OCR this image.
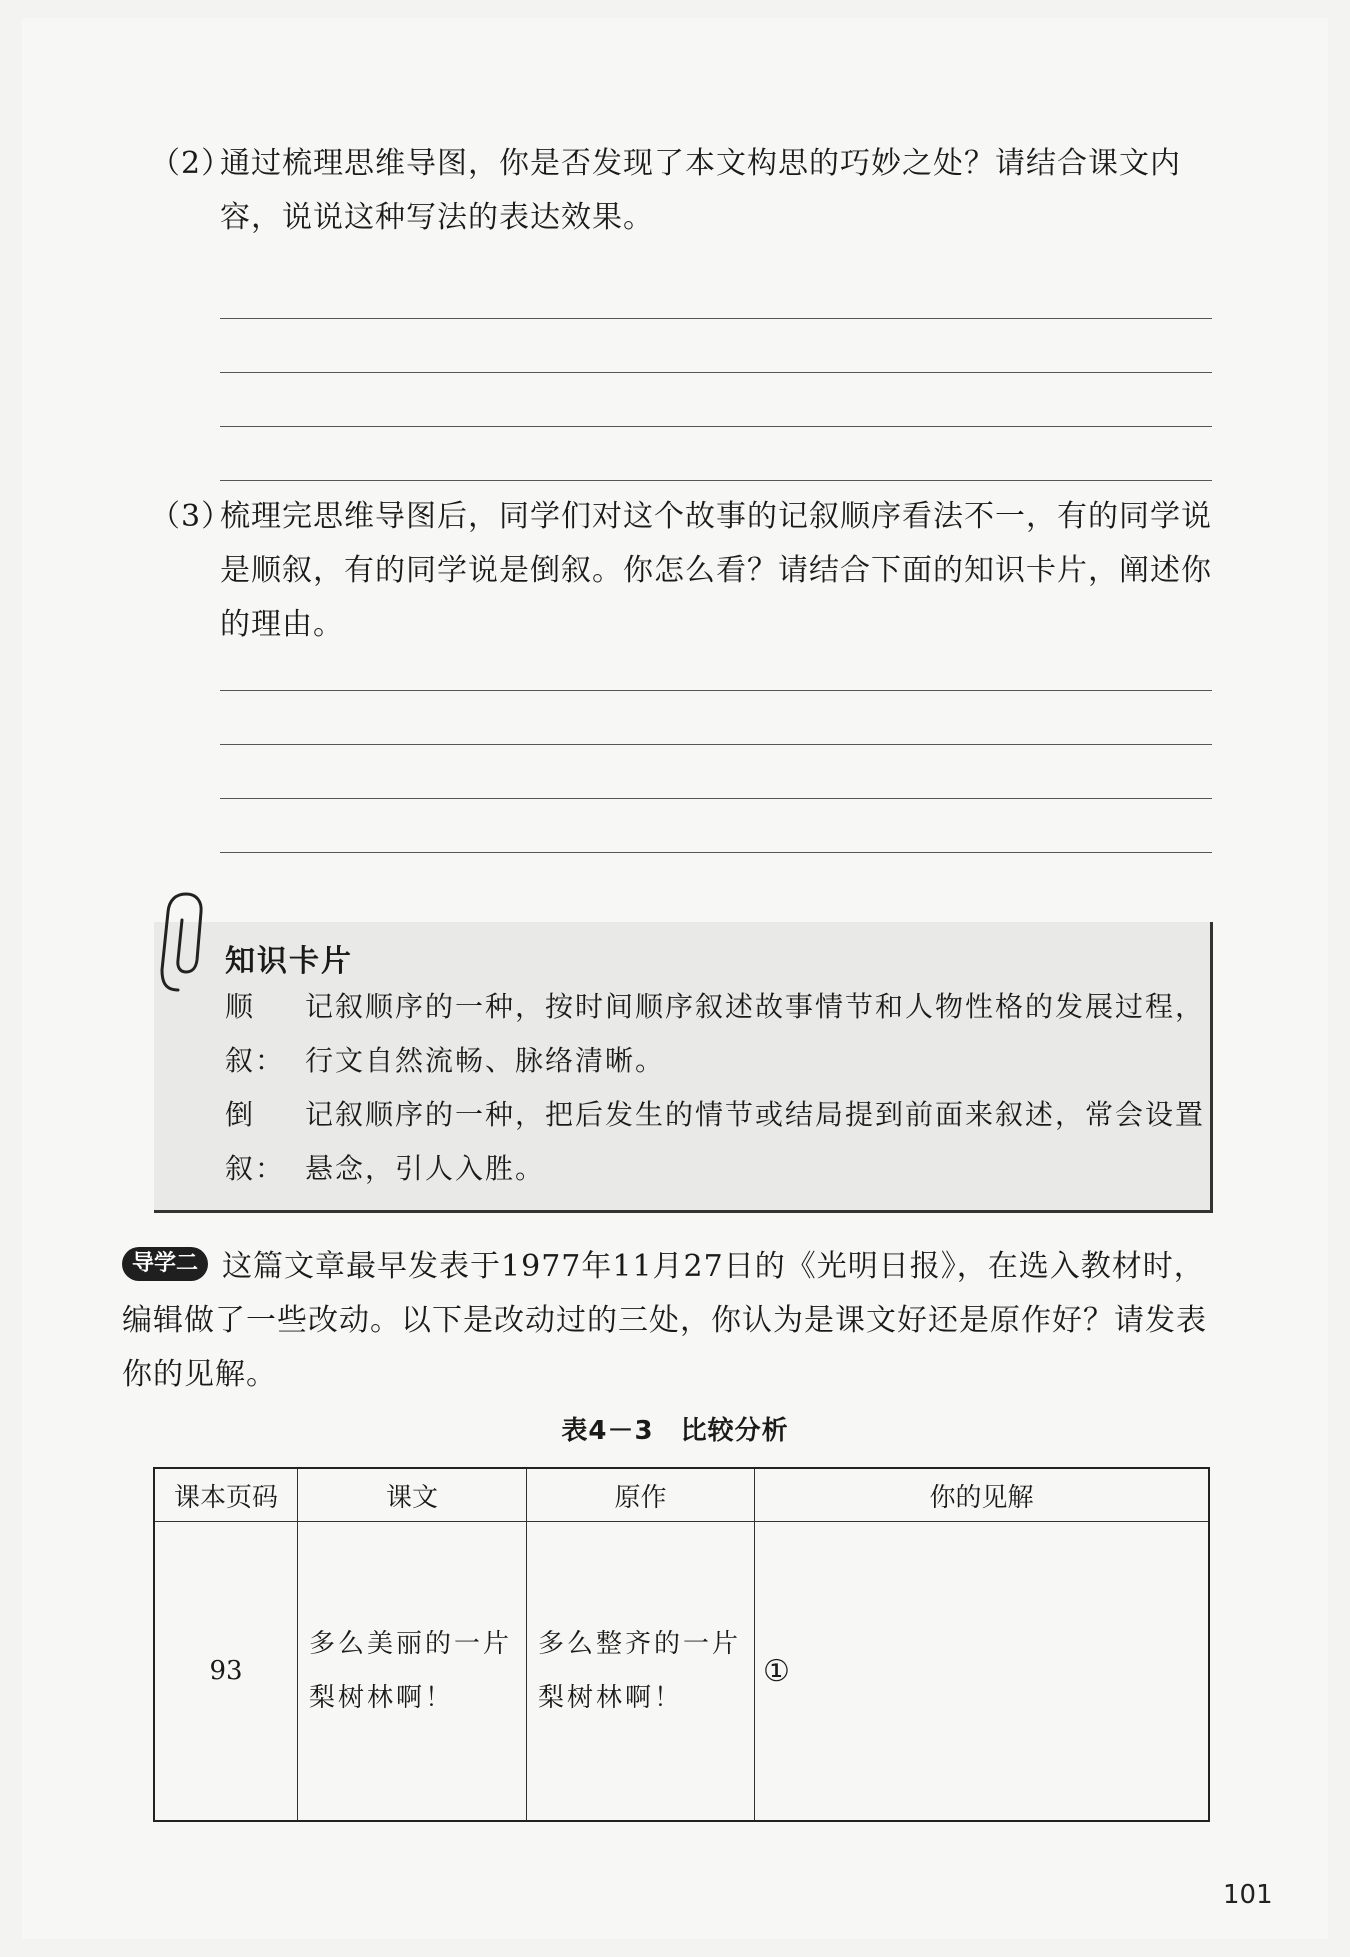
（2）
通过梳理思维导图，你是否发现了本文构思的巧妙之处？请结合课文内容，说说这种写法的表达效果。
（3）
梳理完思维导图后，同学们对这个故事的记叙顺序看法不一，有的同学说是顺叙，有的同学说是倒叙。你怎么看？请结合下面的知识卡片，阐述你的理由。
知识卡片
顺叙：
记叙顺序的一种，按时间顺序叙述故事情节和人物性格的发展过程，行文自然流畅、脉络清晰。
倒叙：
记叙顺序的一种，把后发生的情节或结局提到前面来叙述，常会设置悬念，引人入胜。
导学二 这篇文章最早发表于1977年11月27日的《光明日报》，在选入教材时，编辑做了一些改动。以下是改动过的三处，你认为是课文好还是原作好？请发表你的见解。
表4－3　比较分析
课本页码	课文	原作	你的见解
93	多么美丽的一片梨树林啊！	多么整齐的一片梨树林啊！	①
101
